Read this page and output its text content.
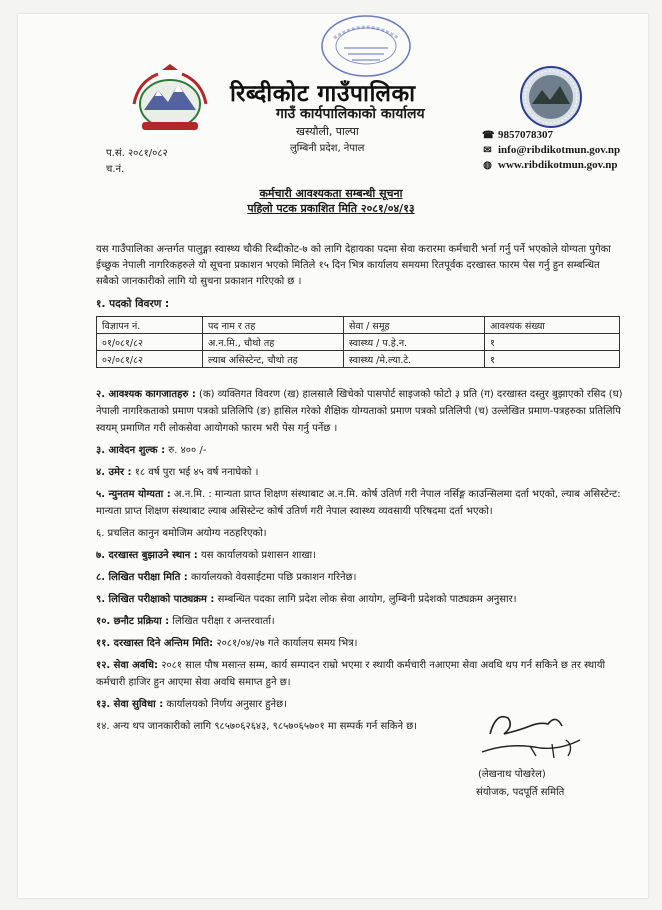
रिब्दीकोट गाउँपालिका
गाउँ कार्यपालिकाको कार्यालय
खस्यौली, पाल्पा
लुम्बिनी प्रदेश, नेपाल
☎ 9857078307
✉ info@ribdikotmun.gov.np
◍ www.ribdikotmun.gov.np
प.सं. २०८१/०८२
च.नं.
कर्मचारी आवश्यकता सम्बन्धी सूचना
पहिलो पटक प्रकाशित मिति २०८१/०४/१३
यस गाउँपालिका अन्तर्गत पालुङ्गा स्वास्थ्य चौकी रिब्दीकोट-७ को लागि देहायका पदमा सेवा करारमा कर्मचारी भर्ना गर्नु पर्ने भएकोले योग्यता पुगेका ईच्छुक नेपाली नागरिकहरुले यो सूचना प्रकाशन भएको मितिले १५ दिन भित्र कार्यालय समयमा रितपूर्वक दरखास्त फारम पेस गर्नु हुन सम्बन्धित सबैको जानकारीको लागि यो सुचना प्रकाशन गरिएको छ ।
१. पदको विवरण :
विज्ञापन नं.	पद नाम र तह	सेवा / समूह	आवश्यक संख्या
०१/०८१/८२	अ.न.मि., चौथो तह	स्वास्थ्य / प.हे.न.	१
०२/०८१/८२	ल्याब असिस्टेन्ट, चौथो तह	स्वास्थ्य /मे.ल्या.टे.	१
२. आवश्यक कागजातहरु : (क) व्यक्तिगत विवरण (ख) हालसालै खिचेको पासपोर्ट साइजको फोटो ३ प्रति (ग) दरखास्त दस्तुर बुझाएको रसिद (घ) नेपाली नागरिकताको प्रमाण पत्रको प्रतिलिपि (ङ) हासिल गरेको शैक्षिक योग्यताको प्रमाण पत्रको प्रतिलिपी (च) उल्लेखित प्रमाण-पत्रहरुका प्रतिलिपि स्वयम् प्रमाणित गरी लोकसेवा आयोगको फारम भरी पेस गर्नु पर्नेछ ।
३. आवेदन शुल्क : रु. ४०० /-
४. उमेर : १८ वर्ष पुरा भई ४५ वर्ष ननाघेको ।
५. न्युनतम योग्यता : अ.न.मि. : मान्यता प्राप्त शिक्षण संस्थाबाट अ.न.मि. कोर्ष उतिर्ण गरी नेपाल नर्सिङ्ग काउन्सिलमा दर्ता भएको, ल्याब असिस्टेन्ट: मान्यता प्राप्त शिक्षण संस्थाबाट ल्याब असिस्टेन्ट कोर्ष उतिर्ण गरी नेपाल स्वास्थ्य व्यवसायी परिषदमा दर्ता भएको।
६. प्रचलित कानुन बमोजिम अयोग्य नठहरिएको।
७. दरखास्त बुझाउने स्थान : यस कार्यालयको प्रशासन शाखा।
८. लिखित परीक्षा मिति : कार्यालयको वेवसाईटमा पछि प्रकाशन गरिनेछ।
९. लिखित परीक्षाको पाठ्यक्रम : सम्बन्धित पदका लागि प्रदेश लोक सेवा आयोग, लुम्बिनी प्रदेशको पाठ्यक्रम अनुसार।
१०. छनौट प्रक्रिया : लिखित परीक्षा र अन्तरवार्ता।
११. दरखास्त दिने अन्तिम मिति: २०८१/०४/२७ गते कार्यालय समय भित्र।
१२. सेवा अवधि: २०८१ साल पौष मसान्त सम्म, कार्य सम्पादन राम्रो भएमा र स्थायी कर्मचारी नआएमा सेवा अवधि थप गर्न सकिने छ तर स्थायी कर्मचारी हाजिर हुन आएमा सेवा अवधि समाप्त हुने छ।
१३. सेवा सुविधा : कार्यालयको निर्णय अनुसार हुनेछ।
१४. अन्य थप जानकारीको लागि ९८५७०६२६४३, ९८५७०६५७०१ मा सम्पर्क गर्न सकिने छ।
(लेखनाथ पोखरेल)
संयोजक, पदपूर्ति समिति
